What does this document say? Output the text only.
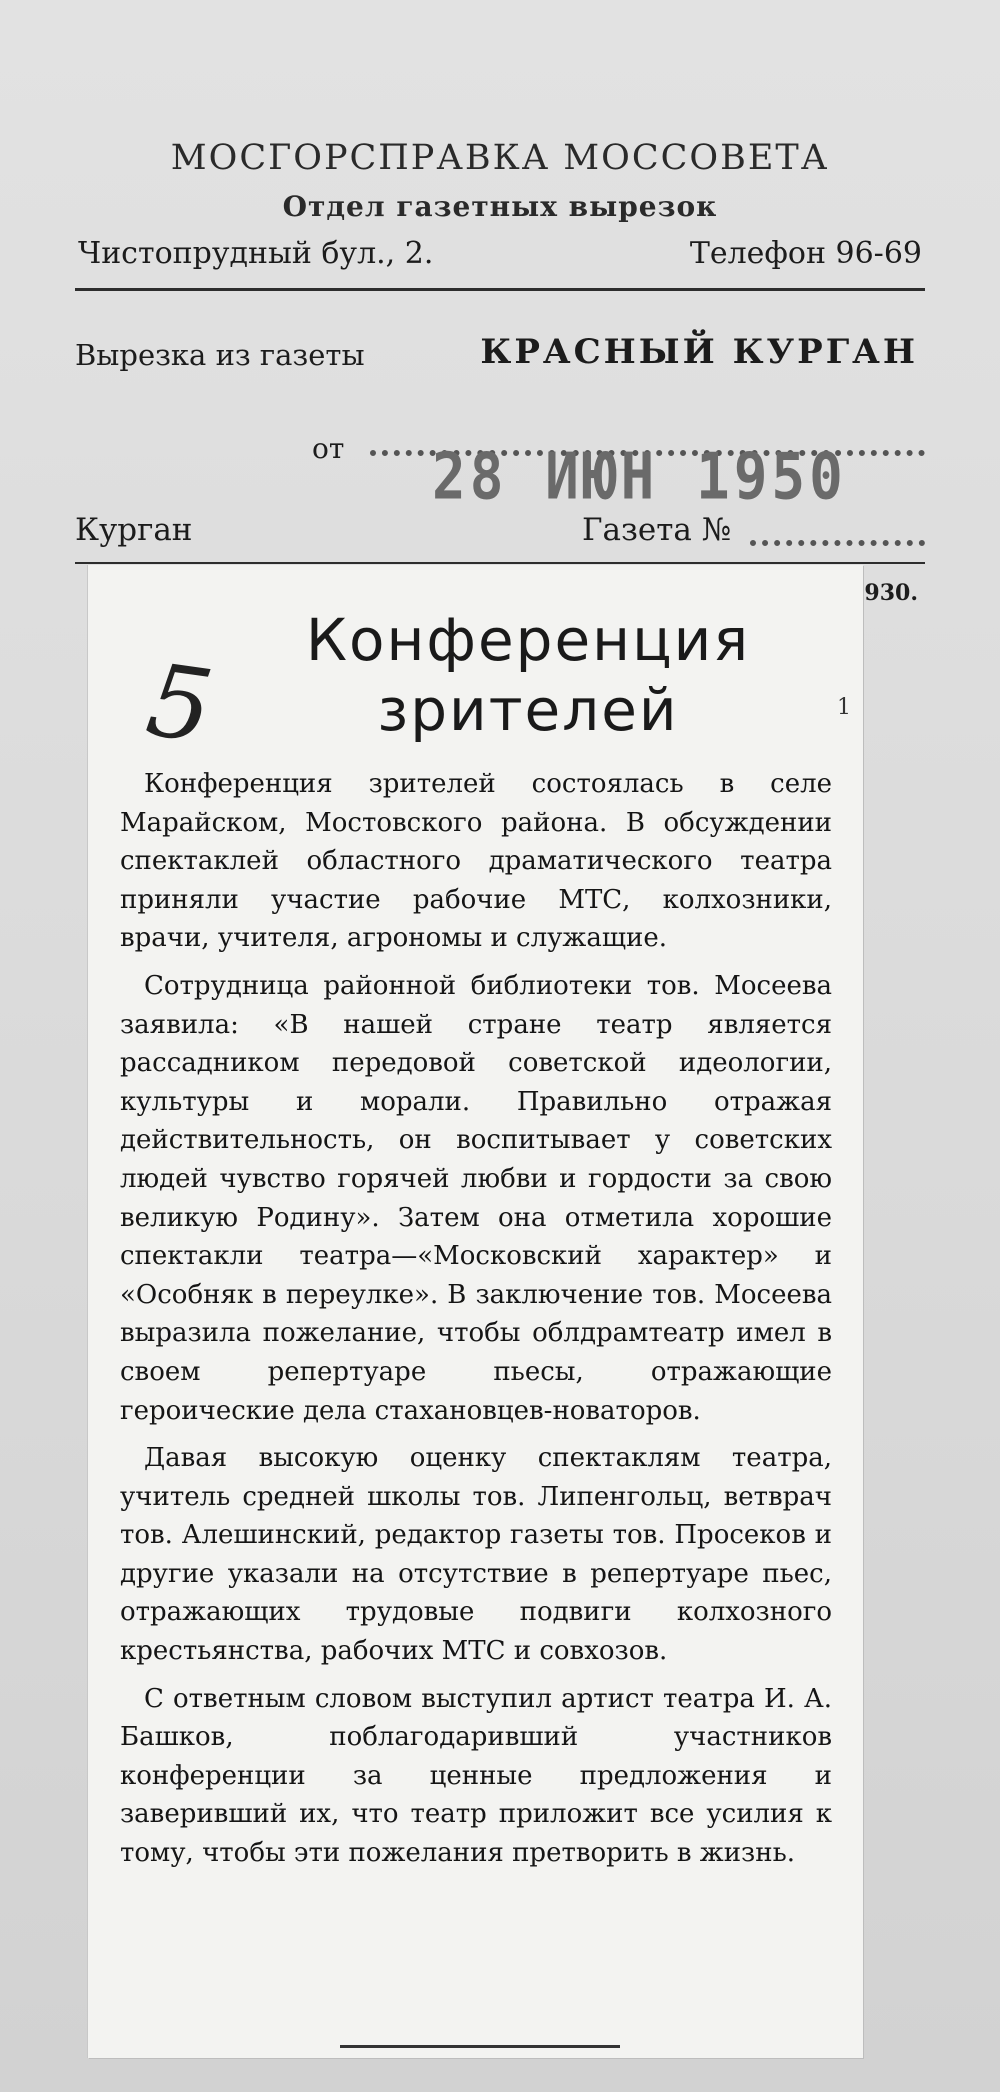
МОСГОРСПРАВКА МОССОВЕТА
Отдел газетных вырезок
Чистопрудный бул., 2.	Телефон 96-69
Вырезка из газеты	КРАСНЫЙ КУРГАН
от 28 ИЮН 1950
Курган	Газета №
930.
5
Конференция зрителей	1

Конференция зрителей состоялась в селе Марайском, Мостовского района. В обсуждении спектаклей областного драматического театра приняли участие рабочие МТС, колхозники, врачи, учителя, агрономы и служащие.

Сотрудница районной библиотеки тов. Мосеева заявила: «В нашей стране театр является рассадником передовой советской идеологии, культуры и морали. Правильно отражая действительность, он воспитывает у советских людей чувство горячей любви и гордости за свою великую Родину». Затем она отметила хорошие спектакли театра—«Московский характер» и «Особняк в переулке». В заключение тов. Мосеева выразила пожелание, чтобы облдрамтеатр имел в своем репертуаре пьесы, отражающие героические дела стахановцев-новаторов.

Давая высокую оценку спектаклям театра, учитель средней школы тов. Липенгольц, ветврач тов. Алешинский, редактор газеты тов. Просеков и другие указали на отсутствие в репертуаре пьес, отражающих трудовые подвиги колхозного крестьянства, рабочих МТС и совхозов.

С ответным словом выступил артист театра И. А. Башков, поблагодаривший участников конференции за ценные предложения и заверивший их, что театр приложит все усилия к тому, чтобы эти пожелания претворить в жизнь.
